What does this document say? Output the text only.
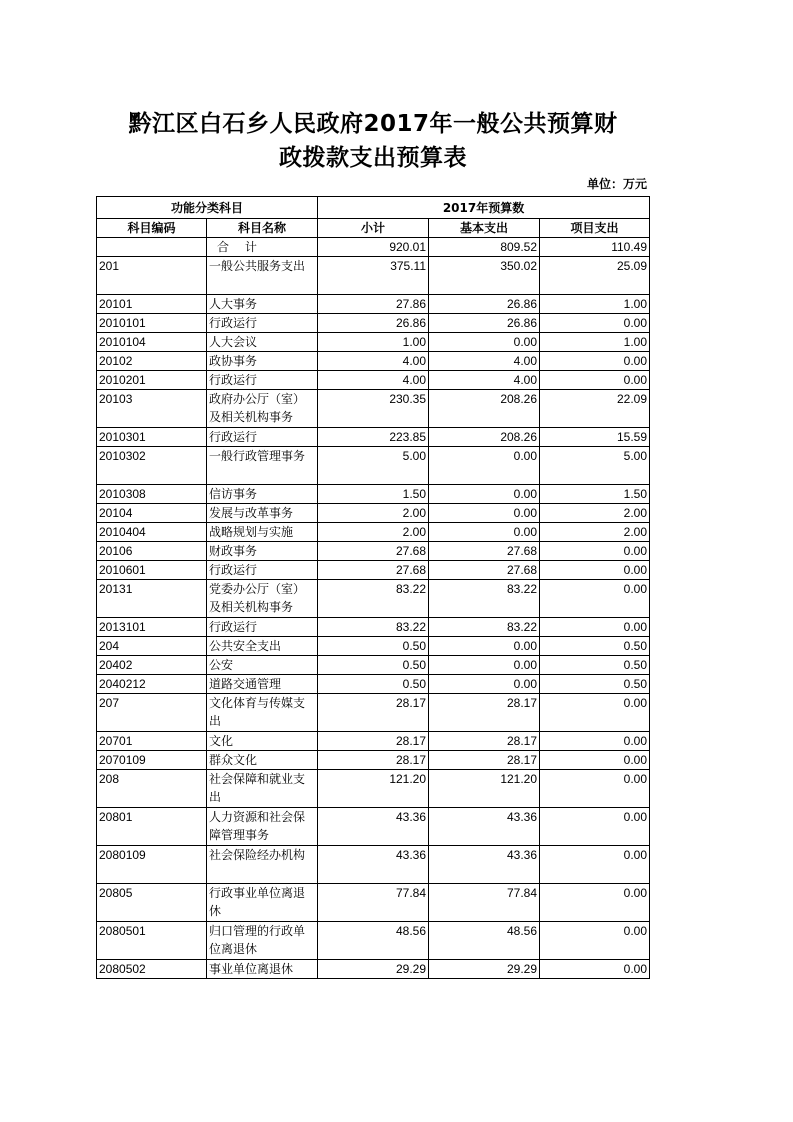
黔江区白石乡人民政府2017年一般公共预算财
政拨款支出预算表
单位：万元
功能分类科目		2017年预算数		
科目编码	科目名称	小计	基本支出	项目支出
	合 计	920.01	809.52	110.49
201	一般公共服务支出	375.11	350.02	25.09
20101	人大事务	27.86	26.86	1.00
2010101	行政运行	26.86	26.86	0.00
2010104	人大会议	1.00	0.00	1.00
20102	政协事务	4.00	4.00	0.00
2010201	行政运行	4.00	4.00	0.00
20103	政府办公厅（室）及相关机构事务	230.35	208.26	22.09
2010301	行政运行	223.85	208.26	15.59
2010302	一般行政管理事务	5.00	0.00	5.00
2010308	信访事务	1.50	0.00	1.50
20104	发展与改革事务	2.00	0.00	2.00
2010404	战略规划与实施	2.00	0.00	2.00
20106	财政事务	27.68	27.68	0.00
2010601	行政运行	27.68	27.68	0.00
20131	党委办公厅（室）及相关机构事务	83.22	83.22	0.00
2013101	行政运行	83.22	83.22	0.00
204	公共安全支出	0.50	0.00	0.50
20402	公安	0.50	0.00	0.50
2040212	道路交通管理	0.50	0.00	0.50
207	文化体育与传媒支出	28.17	28.17	0.00
20701	文化	28.17	28.17	0.00
2070109	群众文化	28.17	28.17	0.00
208	社会保障和就业支出	121.20	121.20	0.00
20801	人力资源和社会保障管理事务	43.36	43.36	0.00
2080109	社会保险经办机构	43.36	43.36	0.00
20805	行政事业单位离退休	77.84	77.84	0.00
2080501	归口管理的行政单位离退休	48.56	48.56	0.00
2080502	事业单位离退休	29.29	29.29	0.00
